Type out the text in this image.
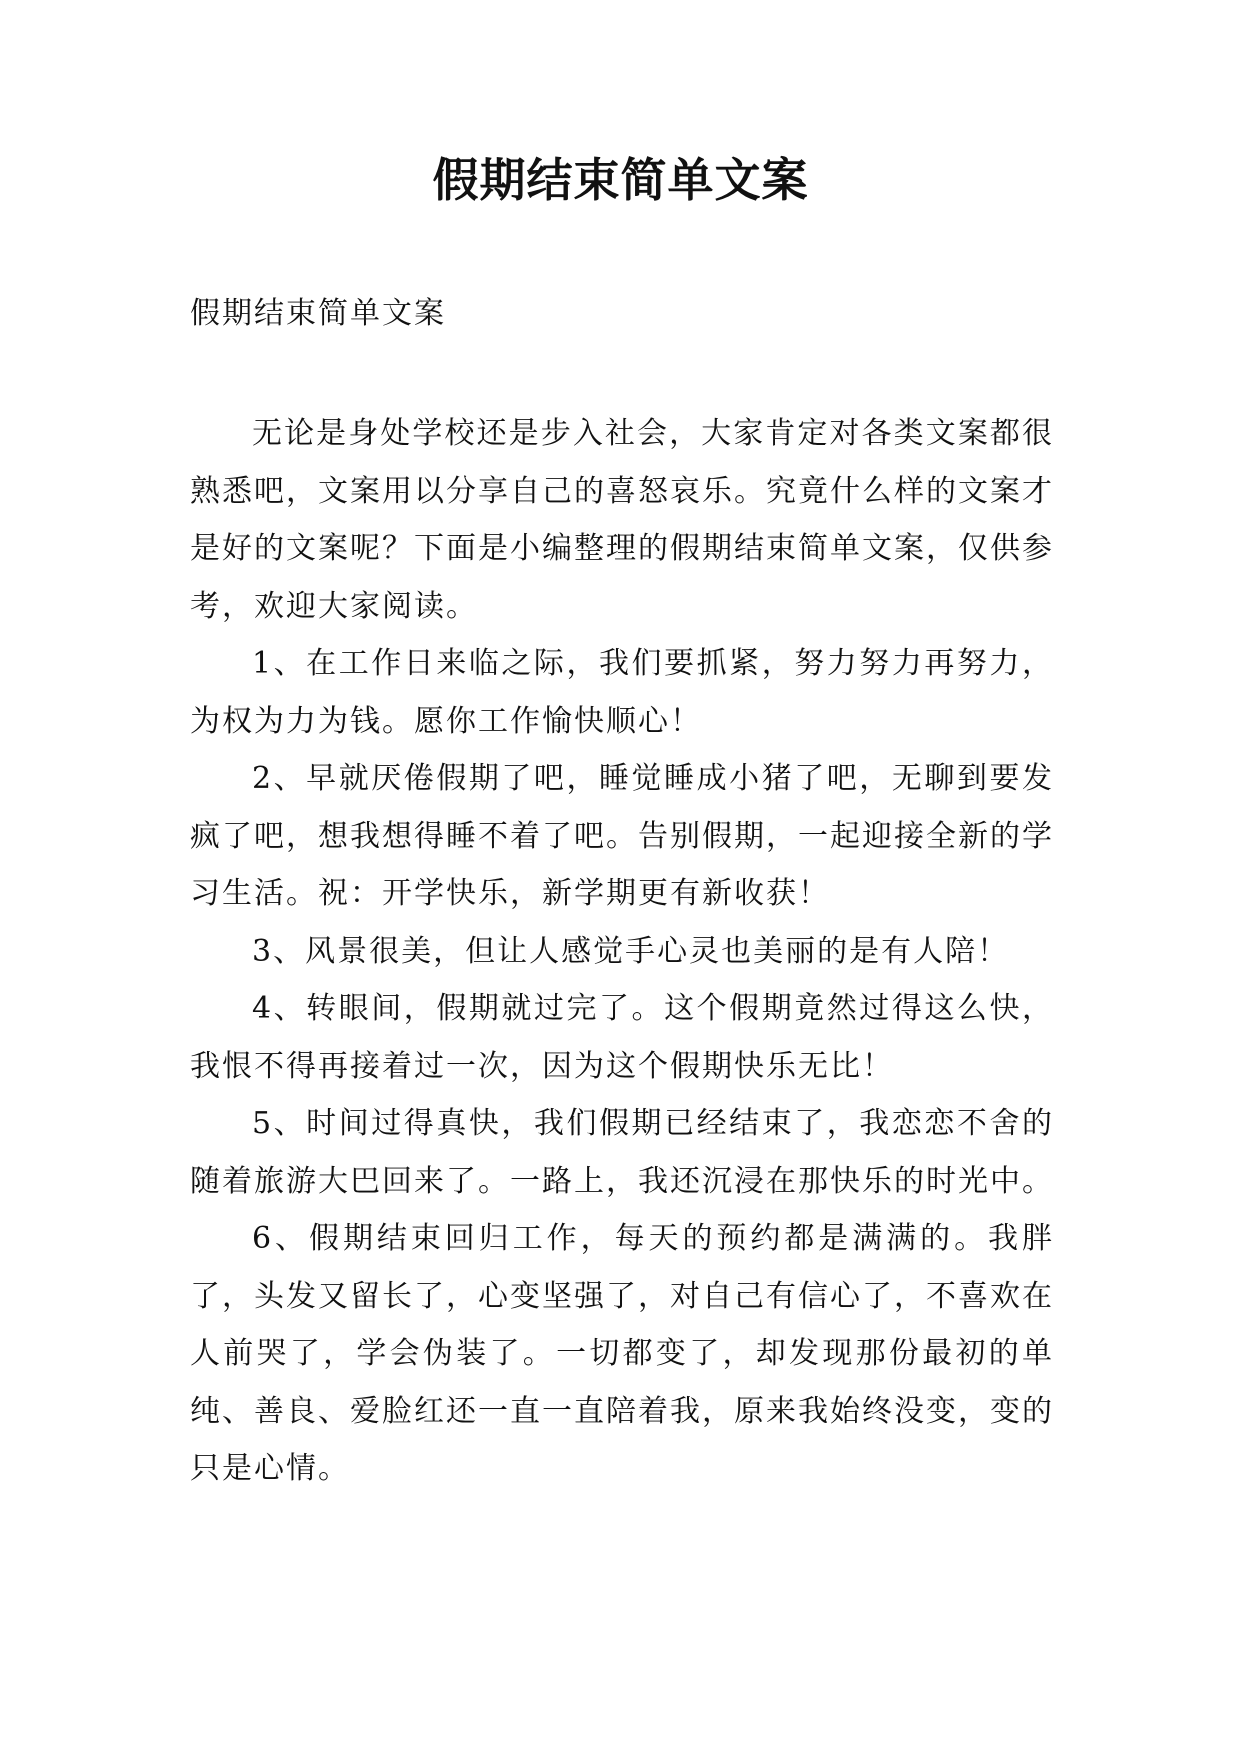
假期结束简单文案
假期结束简单文案

无论是身处学校还是步入社会，大家肯定对各类文案都很熟悉吧，文案用以分享自己的喜怒哀乐。究竟什么样的文案才是好的文案呢？下面是小编整理的假期结束简单文案，仅供参考，欢迎大家阅读。

1、在工作日来临之际，我们要抓紧，努力努力再努力，为权为力为钱。愿你工作愉快顺心！

2、早就厌倦假期了吧，睡觉睡成小猪了吧，无聊到要发疯了吧，想我想得睡不着了吧。告别假期，一起迎接全新的学习生活。祝：开学快乐，新学期更有新收获！

3、风景很美，但让人感觉手心灵也美丽的是有人陪！

4、转眼间，假期就过完了。这个假期竟然过得这么快，我恨不得再接着过一次，因为这个假期快乐无比！

5、时间过得真快，我们假期已经结束了，我恋恋不舍的随着旅游大巴回来了。一路上，我还沉浸在那快乐的时光中。

6、假期结束回归工作，每天的预约都是满满的。我胖了，头发又留长了，心变坚强了，对自己有信心了，不喜欢在人前哭了，学会伪装了。一切都变了，却发现那份最初的单纯、善良、爱脸红还一直一直陪着我，原来我始终没变，变的只是心情。
